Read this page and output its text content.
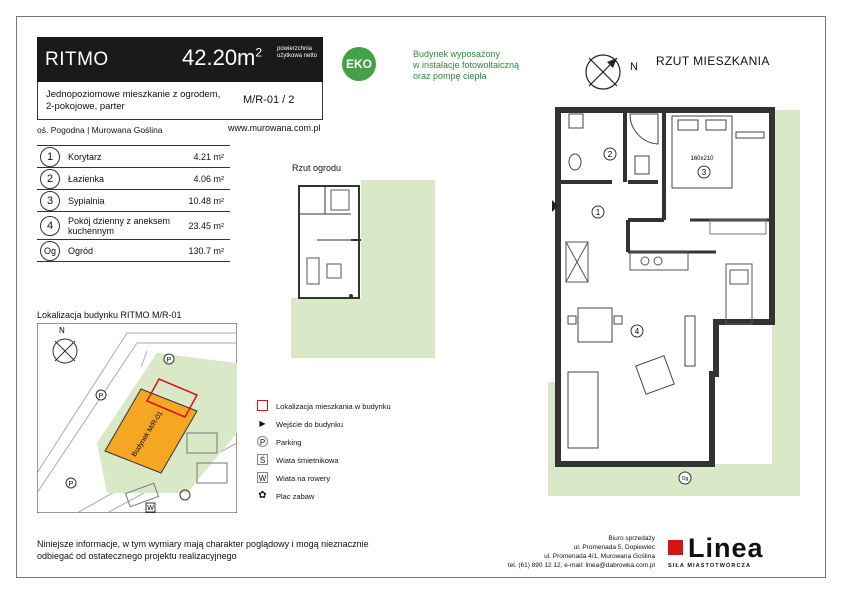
RITMO	$42.20m^2$ powierzchnia użytkowa netto
Jednopoziomowe mieszkanie z ogrodem,
2-pokojowe, parter
M/R-01 / 2
oś. Pogodna | Murowana Goślina	www.murowana.com.pl
1	Korytarz	4.21 m²
2	Łazienka	4.06 m²
3	Sypialnia	10.48 m²
4	Pokój dzienny z aneksem kuchennym	23.45 m²
Og	Ogród	130.7 m²
EKO
Budynek wyposażony
w instalacje fotowoltaiczną
oraz pompę ciepła
N RZUT MIESZKANIA
160x210
1
2
3
4
Og
Rzut ogrodu
Lokalizacja budynku RITMO M/R-01
Budynek M/R-01
N
P
P
P
W
Lokalizacja mieszkania w budynku
▶	Wejście do budynku
P	Parking
Ś	Wiata śmietnikowa
W Wiata na rowery
✿ Plac zabaw
Niniejsze informacje, w tym wymiary mają charakter poglądowy i mogą nieznacznie
odbiegać od ostatecznego projektu realizacyjnego
Biuro sprzedaży
ul. Promenada 5, Dopiewiec
ul. Promenada 4/1, Murowana Goślina
tel. (61) 890 12 12, e-mail: linea@dabrowka.com.pl
Linea
SIŁA MIASTOTWÓRCZA
